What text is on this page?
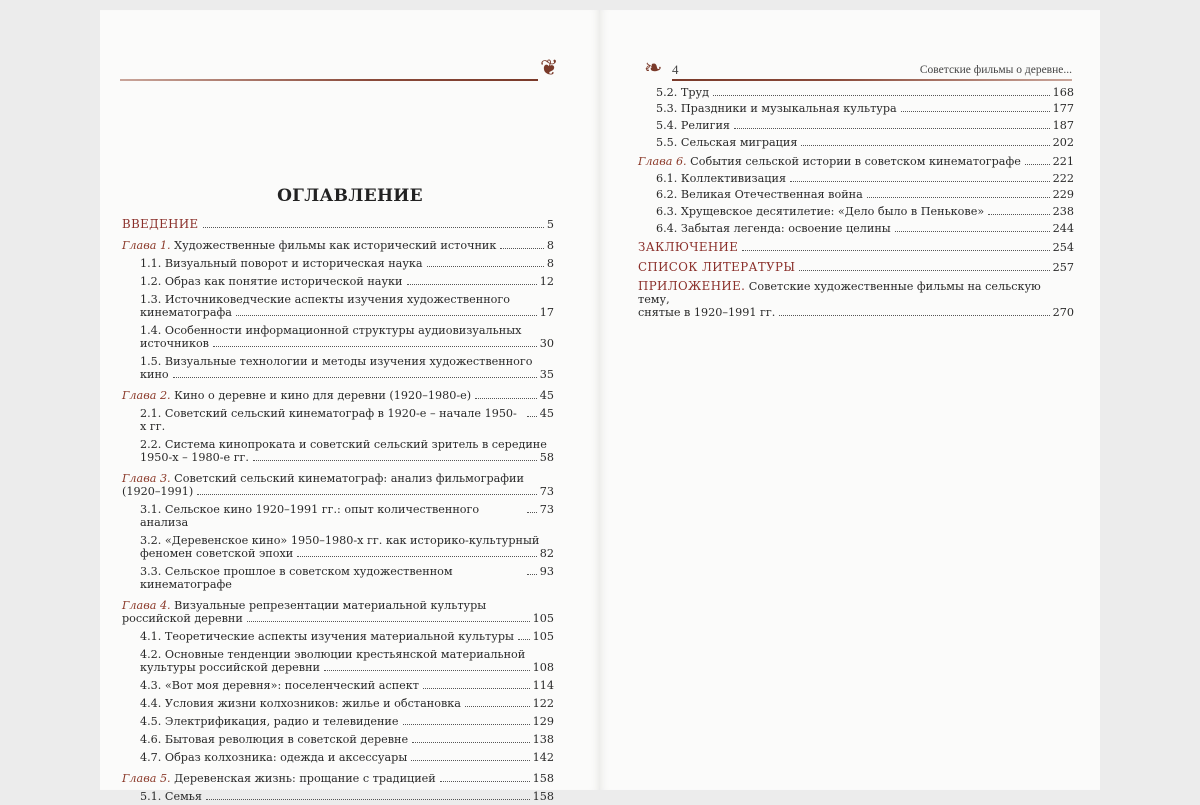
❦
ОГЛАВЛЕНИЕ
ВВЕДЕНИЕ	5
Глава 1. Художественные фильмы как исторический источник	8
1.1. Визуальный поворот и историческая наука	8
1.2. Образ как понятие исторической науки	12
1.3. Источниковедческие аспекты изучения художественного
кинематографа	17
1.4. Особенности информационной структуры аудиовизуальных
источников	30
1.5. Визуальные технологии и методы изучения художественного
кино	35
Глава 2. Кино о деревне и кино для деревни (1920–1980-е)	45
2.1. Советский сельский кинематограф в 1920-е – начале 1950-х гг.
45
2.2. Система кинопроката и советский сельский зритель в середине
1950-х – 1980-е гг.	58
Глава 3. Советский сельский кинематограф: анализ фильмографии
(1920–1991)	73
3.1. Сельское кино 1920–1991 гг.: опыт количественного анализа
73
3.2. «Деревенское кино» 1950–1980-х гг. как историко-культурный
феномен советской эпохи	82
3.3. Сельское прошлое в советском художественном кинематографе
93
Глава 4. Визуальные репрезентации материальной культуры
российской деревни	105
4.1. Теоретические аспекты изучения материальной культуры 105
4.2. Основные тенденции эволюции крестьянской материальной
культуры российской деревни	108
4.3. «Вот моя деревня»: поселенческий аспект	114
4.4. Условия жизни колхозников: жилье и обстановка	122
4.5. Электрификация, радио и телевидение	129
4.6. Бытовая революция в советской деревне	138
4.7. Образ колхозника: одежда и аксессуары	142
Глава 5. Деревенская жизнь: прощание с традицией	158
5.1. Семья	158
❧ 4	Советские фильмы о деревне...
5.2. Труд	168
5.3. Праздники и музыкальная культура	177
5.4. Религия	187
5.5. Сельская миграция	202
Глава 6. События сельской истории в советском кинематографе	221
6.1. Коллективизация	222
6.2. Великая Отечественная война	229
6.3. Хрущевское десятилетие: «Дело было в Пенькове»	238
6.4. Забытая легенда: освоение целины	244
ЗАКЛЮЧЕНИЕ	254
СПИСОК ЛИТЕРАТУРЫ	257
ПРИЛОЖЕНИЕ. Советские художественные фильмы на сельскую тему,
снятые в 1920–1991 гг.	270
